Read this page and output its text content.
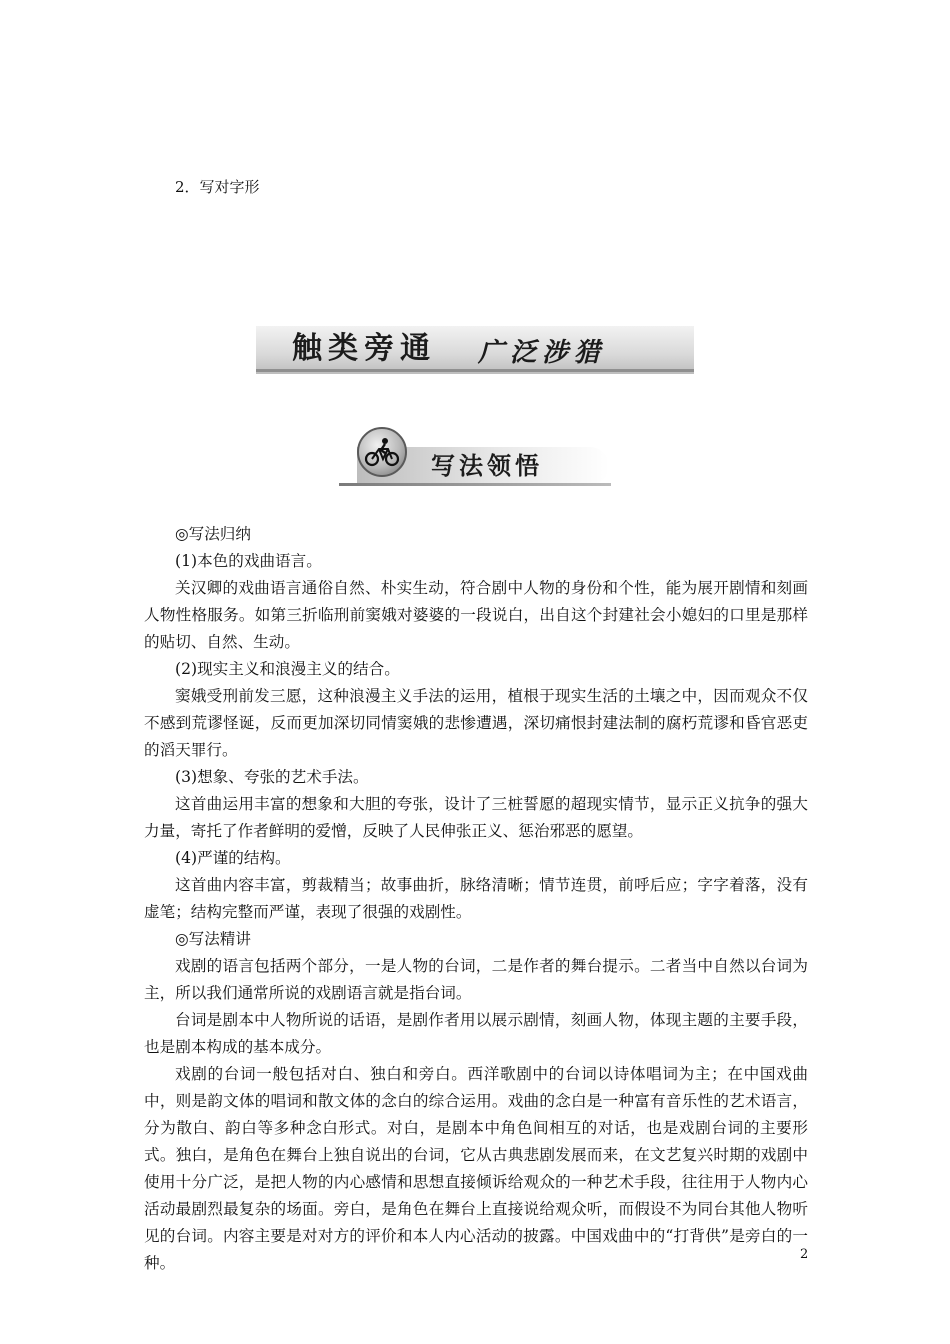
2．写对字形
触类旁通 广泛涉猎
写法领悟

◎写法归纳

(1)本色的戏曲语言。

关汉卿的戏曲语言通俗自然、朴实生动，符合剧中人物的身份和个性，能为展开剧情和刻画人物性格服务。如第三折临刑前窦娥对婆婆的一段说白，出自这个封建社会小媳妇的口里是那样的贴切、自然、生动。

(2)现实主义和浪漫主义的结合。

窦娥受刑前发三愿，这种浪漫主义手法的运用，植根于现实生活的土壤之中，因而观众不仅不感到荒谬怪诞，反而更加深切同情窦娥的悲惨遭遇，深切痛恨封建法制的腐朽荒谬和昏官恶吏的滔天罪行。

(3)想象、夸张的艺术手法。

这首曲运用丰富的想象和大胆的夸张，设计了三桩誓愿的超现实情节，显示正义抗争的强大力量，寄托了作者鲜明的爱憎，反映了人民伸张正义、惩治邪恶的愿望。

(4)严谨的结构。

这首曲内容丰富，剪裁精当；故事曲折，脉络清晰；情节连贯，前呼后应；字字着落，没有虚笔；结构完整而严谨，表现了很强的戏剧性。

◎写法精讲

戏剧的语言包括两个部分，一是人物的台词，二是作者的舞台提示。二者当中自然以台词为主，所以我们通常所说的戏剧语言就是指台词。

台词是剧本中人物所说的话语，是剧作者用以展示剧情，刻画人物，体现主题的主要手段，也是剧本构成的基本成分。

戏剧的台词一般包括对白、独白和旁白。西洋歌剧中的台词以诗体唱词为主；在中国戏曲中，则是韵文体的唱词和散文体的念白的综合运用。戏曲的念白是一种富有音乐性的艺术语言，分为散白、韵白等多种念白形式。对白，是剧本中角色间相互的对话，也是戏剧台词的主要形式。独白，是角色在舞台上独自说出的台词，它从古典悲剧发展而来，在文艺复兴时期的戏剧中使用十分广泛，是把人物的内心感情和思想直接倾诉给观众的一种艺术手段，往往用于人物内心活动最剧烈最复杂的场面。旁白，是角色在舞台上直接说给观众听，而假设不为同台其他人物听见的台词。内容主要是对对方的评价和本人内心活动的披露。中国戏曲中的“打背供”是旁白的一种。	2
